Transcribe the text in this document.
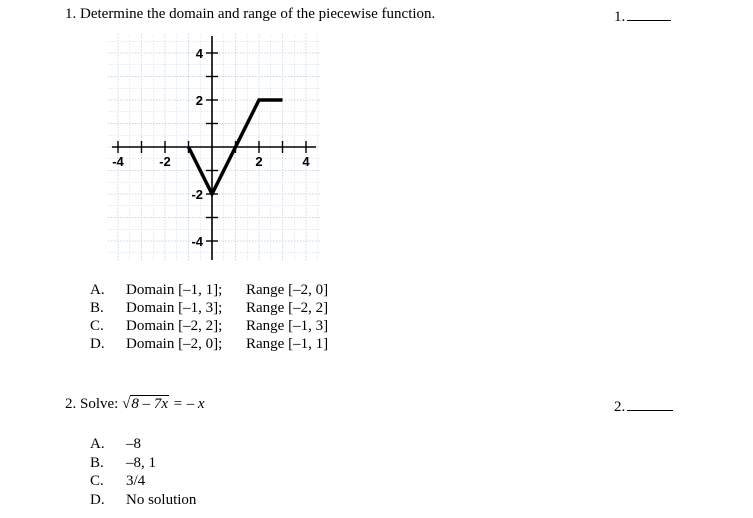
1. Determine the domain and range of the piecewise function.	1.
-4	-2	2	4
4
2
-2
-4
A. Domain [–1, 1]; Range [–2, 0]
B. Domain [–1, 3]; Range [–2, 2]
C. Domain [–2, 2]; Range [–1, 3]
D. Domain [–2, 0]; Range [–1, 1]
2. Solve: √8 – 7x = – x	2.
A. –8
B. –8, 1
C. 3/4
D. No solution
